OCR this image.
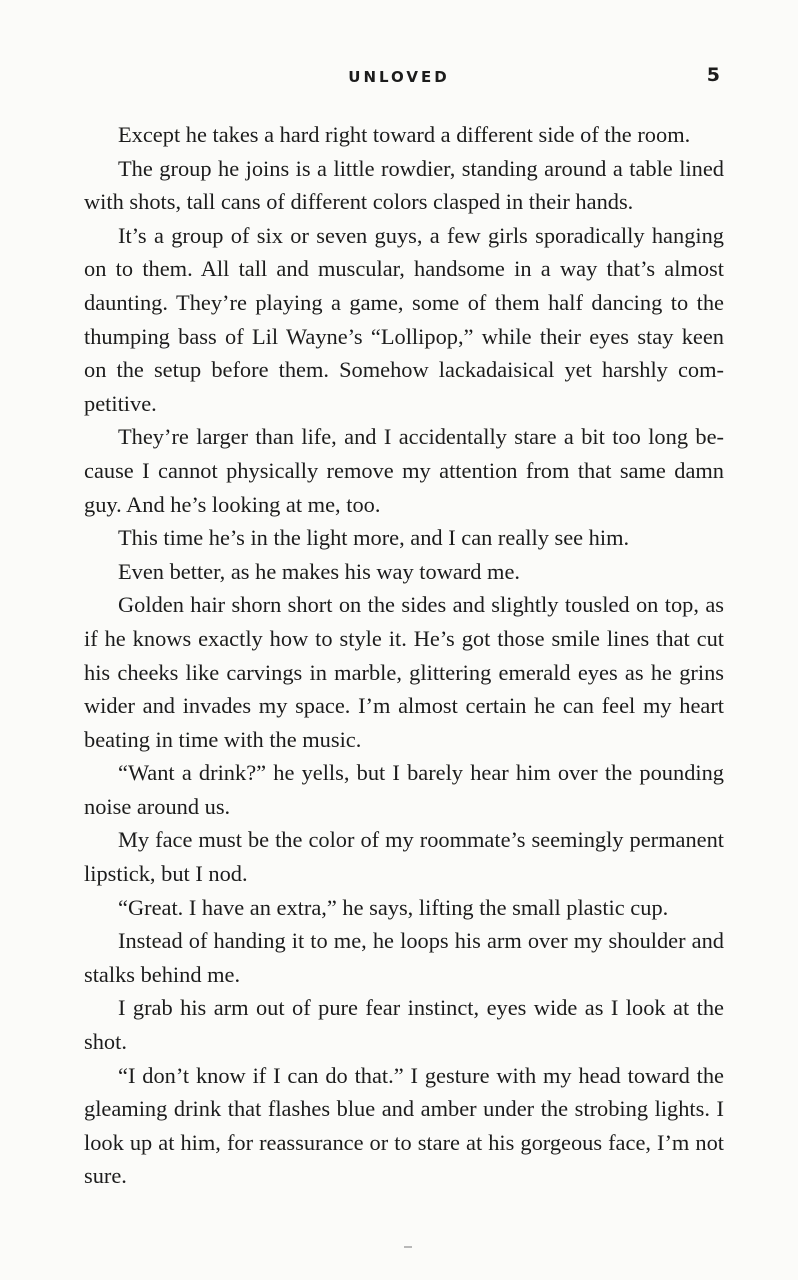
UNLOVED	5

Except he takes a hard right toward a different side of the room.

The group he joins is a little rowdier, standing around a table lined with shots, tall cans of different colors clasped in their hands.

It’s a group of six or seven guys, a few girls sporadically hanging on to them. All tall and muscular, handsome in a way that’s almost daunting. They’re playing a game, some of them half dancing to the thumping bass of Lil Wayne’s “Lollipop,” while their eyes stay keen on the setup before them. Somehow lackadaisical yet harshly competitive.

They’re larger than life, and I accidentally stare a bit too long because I cannot physically remove my attention from that same damn guy. And he’s looking at me, too.

This time he’s in the light more, and I can really see him.

Even better, as he makes his way toward me.

Golden hair shorn short on the sides and slightly tousled on top, as if he knows exactly how to style it. He’s got those smile lines that cut his cheeks like carvings in marble, glittering emerald eyes as he grins wider and invades my space. I’m almost certain he can feel my heart beating in time with the music.

“Want a drink?” he yells, but I barely hear him over the pounding noise around us.

My face must be the color of my roommate’s seemingly permanent lipstick, but I nod.

“Great. I have an extra,” he says, lifting the small plastic cup.

Instead of handing it to me, he loops his arm over my shoulder and stalks behind me.

I grab his arm out of pure fear instinct, eyes wide as I look at the shot.

“I don’t know if I can do that.” I gesture with my head toward the gleaming drink that flashes blue and amber under the strobing lights. I look up at him, for reassurance or to stare at his gorgeous face, I’m not sure.
